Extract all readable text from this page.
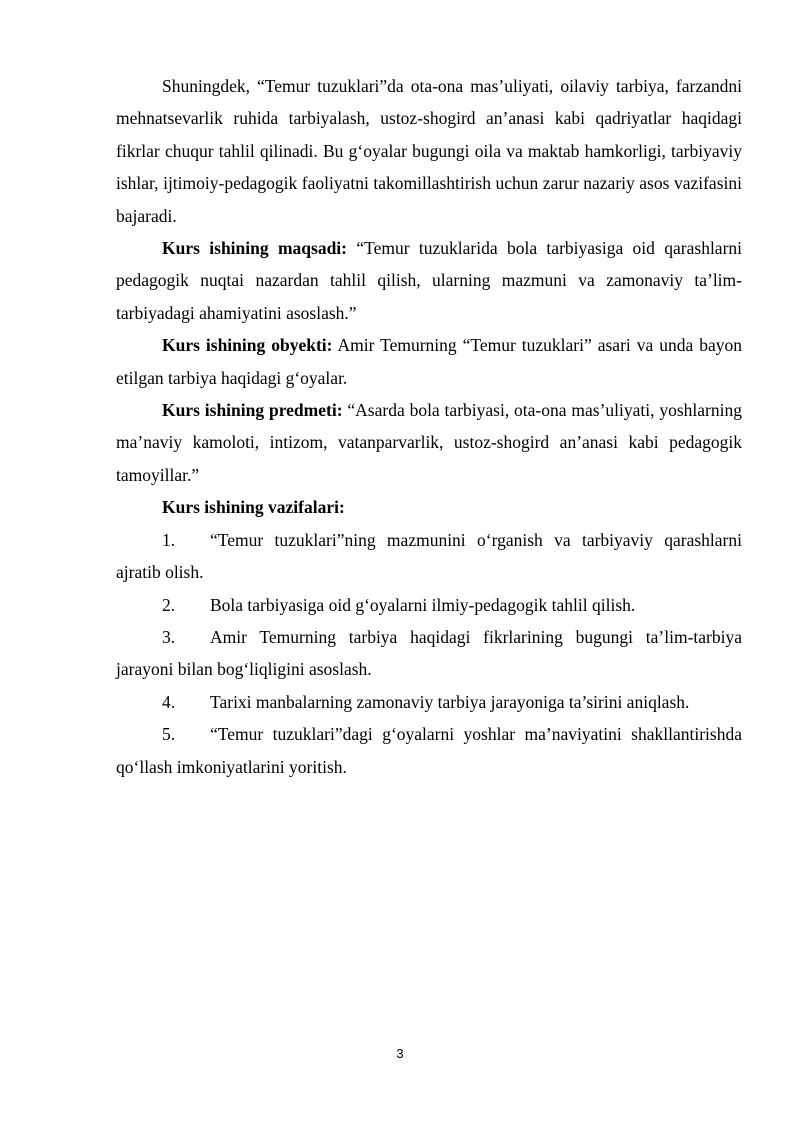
Shuningdek, “Temur tuzuklari”da ota-ona mas’uliyati, oilaviy tarbiya, farzandni mehnatsevarlik ruhida tarbiyalash, ustoz-shogird an’anasi kabi qadriyatlar haqidagi fikrlar chuqur tahlil qilinadi. Bu g‘oyalar bugungi oila va maktab hamkorligi, tarbiyaviy ishlar, ijtimoiy-pedagogik faoliyatni takomillashtirish uchun zarur nazariy asos vazifasini bajaradi.

Kurs ishining maqsadi: “Temur tuzuklarida bola tarbiyasiga oid qarashlarni pedagogik nuqtai nazardan tahlil qilish, ularning mazmuni va zamonaviy ta’lim-tarbiyadagi ahamiyatini asoslash.”

Kurs ishining obyekti: Amir Temurning “Temur tuzuklari” asari va unda bayon etilgan tarbiya haqidagi g‘oyalar.

Kurs ishining predmeti: “Asarda bola tarbiyasi, ota-ona mas’uliyati, yoshlarning ma’naviy kamoloti, intizom, vatanparvarlik, ustoz-shogird an’anasi kabi pedagogik tamoyillar.”

Kurs ishining vazifalari:

1. “Temur tuzuklari”ning mazmunini o‘rganish va tarbiyaviy qarashlarni ajratib olish.

2. Bola tarbiyasiga oid g‘oyalarni ilmiy-pedagogik tahlil qilish.

3. Amir Temurning tarbiya haqidagi fikrlarining bugungi ta’lim-tarbiya jarayoni bilan bog‘liqligini asoslash.

4. Tarixi manbalarning zamonaviy tarbiya jarayoniga ta’sirini aniqlash.

5. “Temur tuzuklari”dagi g‘oyalarni yoshlar ma’naviyatini shakllantirishda qo‘llash imkoniyatlarini yoritish.

3
